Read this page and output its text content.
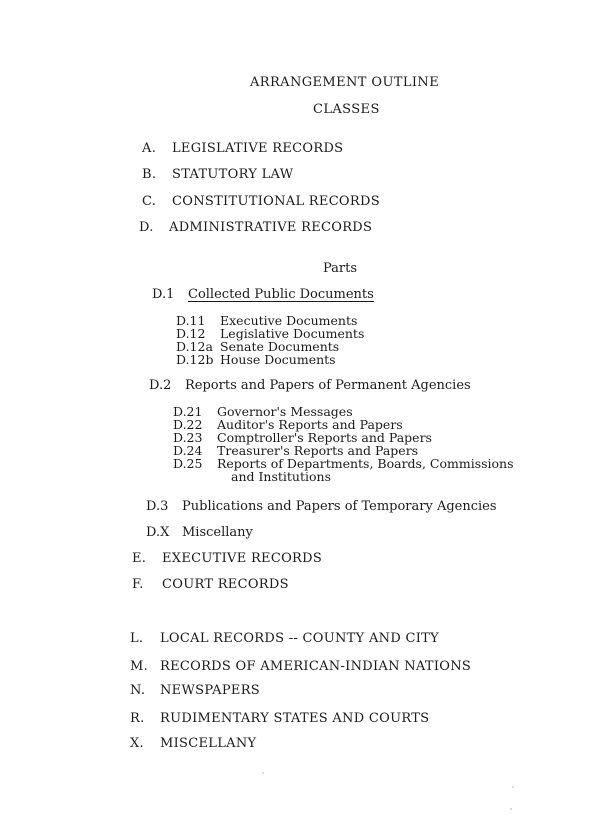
ARRANGEMENT OUTLINE
CLASSES
A. LEGISLATIVE RECORDS
B. STATUTORY LAW
C. CONSTITUTIONAL RECORDS
D. ADMINISTRATIVE RECORDS
Parts
D.1 Collected Public Documents
D.11 Executive Documents
D.12 Legislative Documents
D.12a Senate Documents
D.12b House Documents
D.2 Reports and Papers of Permanent Agencies
D.21 Governor's Messages
D.22 Auditor's Reports and Papers
D.23 Comptroller's Reports and Papers
D.24 Treasurer's Reports and Papers
D.25 Reports of Departments, Boards, Commissions
and Institutions
D.3 Publications and Papers of Temporary Agencies
D.X Miscellany
E. EXECUTIVE RECORDS
F. COURT RECORDS
L. LOCAL RECORDS -- COUNTY AND CITY
M. RECORDS OF AMERICAN-INDIAN NATIONS
N. NEWSPAPERS
R. RUDIMENTARY STATES AND COURTS
X. MISCELLANY
